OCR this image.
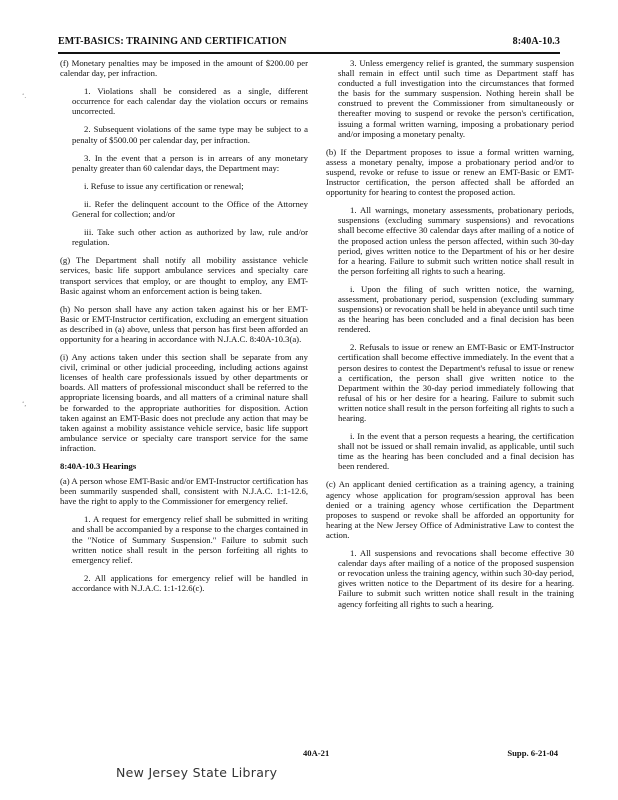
EMT-BASICS: TRAINING AND CERTIFICATION	8:40A-10.3

(f) Monetary penalties may be imposed in the amount of $200.00 per calendar day, per infraction.

1. Violations shall be considered as a single, different occurrence for each calendar day the violation occurs or remains uncorrected.

2. Subsequent violations of the same type may be subject to a penalty of $500.00 per calendar day, per infraction.

3. In the event that a person is in arrears of any monetary penalty greater than 60 calendar days, the Department may:

i. Refuse to issue any certification or renewal;

ii. Refer the delinquent account to the Office of the Attorney General for collection; and/or

iii. Take such other action as authorized by law, rule and/or regulation.

(g) The Department shall notify all mobility assistance vehicle services, basic life support ambulance services and specialty care transport services that employ, or are thought to employ, any EMT-Basic against whom an enforcement action is being taken.

(h) No person shall have any action taken against his or her EMT-Basic or EMT-Instructor certification, excluding an emergent situation as described in (a) above, unless that person has first been afforded an opportunity for a hearing in accordance with N.J.A.C. 8:40A-10.3(a).

(i) Any actions taken under this section shall be separate from any civil, criminal or other judicial proceeding, including actions against licenses of health care professionals issued by other departments or boards. All matters of professional misconduct shall be referred to the appropriate licensing boards, and all matters of a criminal nature shall be forwarded to the appropriate authorities for disposition. Action taken against an EMT-Basic does not preclude any action that may be taken against a mobility assistance vehicle service, basic life support ambulance service or specialty care transport service for the same infraction.

8:40A-10.3 Hearings

(a) A person whose EMT-Basic and/or EMT-Instructor certification has been summarily suspended shall, consistent with N.J.A.C. 1:1-12.6, have the right to apply to the Commissioner for emergency relief.

1. A request for emergency relief shall be submitted in writing and shall be accompanied by a response to the charges contained in the "Notice of Summary Suspension." Failure to submit such written notice shall result in the person forfeiting all rights to emergency relief.

2. All applications for emergency relief will be handled in accordance with N.J.A.C. 1:1-12.6(c).

3. Unless emergency relief is granted, the summary suspension shall remain in effect until such time as Department staff has conducted a full investigation into the circumstances that formed the basis for the summary suspension. Nothing herein shall be construed to prevent the Commissioner from simultaneously or thereafter moving to suspend or revoke the person's certification, issuing a formal written warning, imposing a probationary period and/or imposing a monetary penalty.

(b) If the Department proposes to issue a formal written warning, assess a monetary penalty, impose a probationary period and/or to suspend, revoke or refuse to issue or renew an EMT-Basic or EMT-Instructor certification, the person affected shall be afforded an opportunity for hearing to contest the proposed action.

1. All warnings, monetary assessments, probationary periods, suspensions (excluding summary suspensions) and revocations shall become effective 30 calendar days after mailing of a notice of the proposed action unless the person affected, within such 30-day period, gives written notice to the Department of his or her desire for a hearing. Failure to submit such written notice shall result in the person forfeiting all rights to such a hearing.

i. Upon the filing of such written notice, the warning, assessment, probationary period, suspension (excluding summary suspensions) or revocation shall be held in abeyance until such time as the hearing has been concluded and a final decision has been rendered.

2. Refusals to issue or renew an EMT-Basic or EMT-Instructor certification shall become effective immediately. In the event that a person desires to contest the Department's refusal to issue or renew a certification, the person shall give written notice to the Department within the 30-day period immediately following that refusal of his or her desire for a hearing. Failure to submit such written notice shall result in the person forfeiting all rights to such a hearing.

i. In the event that a person requests a hearing, the certification shall not be issued or shall remain invalid, as applicable, until such time as the hearing has been concluded and a final decision has been rendered.

(c) An applicant denied certification as a training agency, a training agency whose application for program/session approval has been denied or a training agency whose certification the Department proposes to suspend or revoke shall be afforded an opportunity for hearing at the New Jersey Office of Administrative Law to contest the action.

1. All suspensions and revocations shall become effective 30 calendar days after mailing of a notice of the proposed suspension or revocation unless the training agency, within such 30-day period, gives written notice to the Department of its desire for a hearing. Failure to submit such written notice shall result in the training agency forfeiting all rights to such a hearing.

‘.
‘,
40A-21	Supp. 6-21-04
New Jersey State Library
